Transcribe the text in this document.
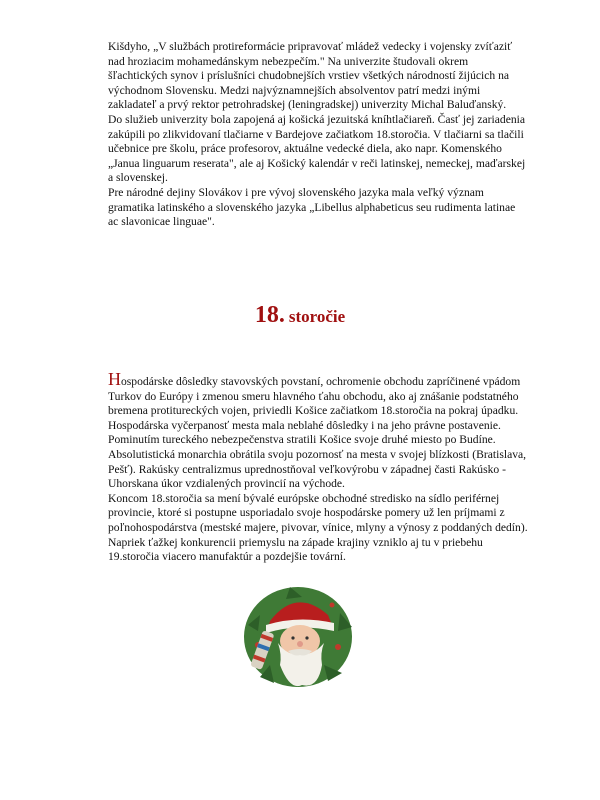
Kišdyho, „V službách protireformácie pripravovať mládež vedecky i vojensky zvíťaziť nad hroziacim mohamedánskym nebezpečím." Na univerzite študovali okrem šľachtických synov i príslušníci chudobnejších vrstiev všetkých národností žijúcich na východnom Slovensku. Medzi najvýznamnejších absolventov patrí medzi inými zakladateľ a prvý rektor petrohradskej (leningradskej) univerzity Michal Baluďanský.

Do služieb univerzity bola zapojená aj košická jezuitská kníhtlačiareň. Časť jej zariadenia zakúpili po zlikvidovaní tlačiarne v Bardejove začiatkom 18.storočia. V tlačiarni sa tlačili učebnice pre školu, práce profesorov, aktuálne vedecké diela, ako napr. Komenského „Janua linguarum reserata", ale aj Košický kalendár v reči latinskej, nemeckej, maďarskej a slovenskej.

Pre národné dejiny Slovákov i pre vývoj slovenského jazyka mala veľký význam gramatika latinského a slovenského jazyka „Libellus alphabeticus seu rudimenta latinae ac slavonicae linguae".

18. storočie

Hospodárske dôsledky stavovských povstaní, ochromenie obchodu zapríčinené vpádom Turkov do Európy i zmenou smeru hlavného ťahu obchodu, ako aj znášanie podstatného bremena protitureckých vojen, priviedli Košice začiatkom 18.storočia na pokraj úpadku.

Hospodárska vyčerpanosť mesta mala neblahé dôsledky i na jeho právne postavenie. Pominutím tureckého nebezpečenstva stratili Košice svoje druhé miesto po Budíne. Absolutistická monarchia obrátila svoju pozornosť na mesta v svojej blízkosti (Bratislava, Pešť). Rakúsky centralizmus uprednostňoval veľkovýrobu v západnej časti Rakúsko - Uhorskana úkor vzdialených provincií na východe.

Koncom 18.storočia sa mení bývalé európske obchodné stredisko na sídlo periférnej provincie, ktoré si postupne usporiadalo svoje hospodárske pomery už len príjmami z poľnohospodárstva (mestské majere, pivovar, vínice, mlyny a výnosy z poddaných dedín). Napriek ťažkej konkurencii priemyslu na západe krajiny vzniklo aj tu v priebehu 19.storočia viacero manufaktúr a pozdejšie tovární.
